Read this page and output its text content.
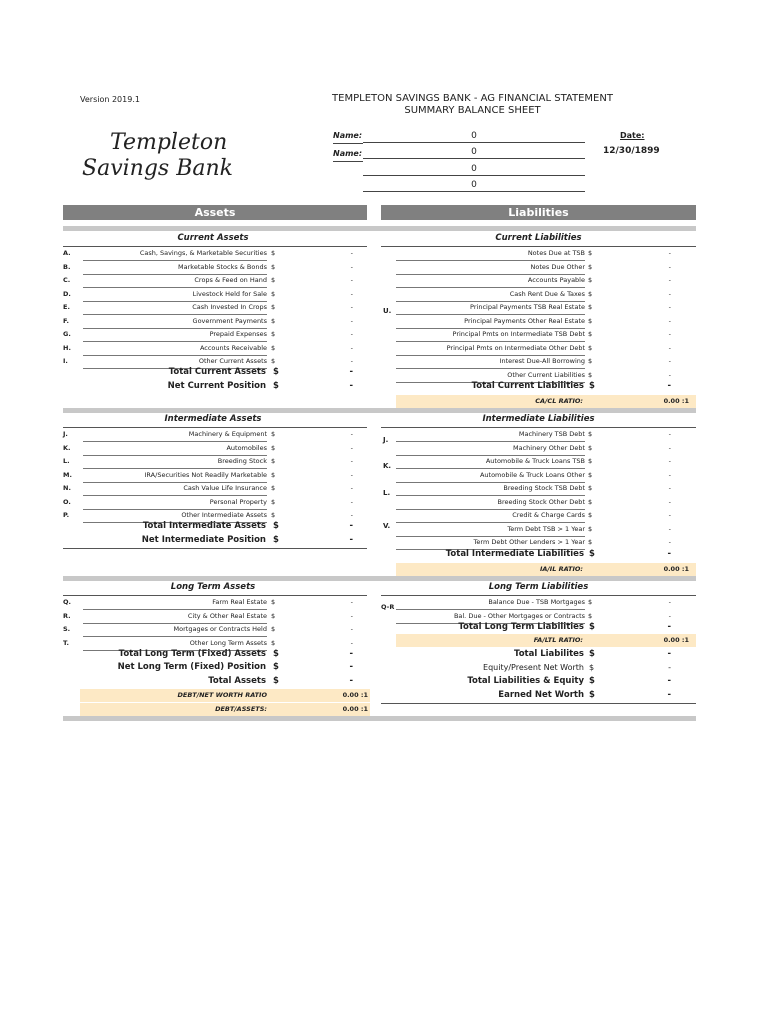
Version 2019.1	TEMPLETON SAVINGS BANK - AG FINANCIAL STATEMENT
SUMMARY BALANCE SHEET
Templeton
Savings Bank
Name:
Name:
0
0
0
0
Date:
12/30/1899
Assets	Liabilities
Current Assets
A.	Cash, Savings, & Marketable Securities $	-
B.	Marketable Stocks & Bonds $	-
C.	Crops & Feed on Hand $	-
D.	Livestock Held for Sale $	-
E.	Cash Invested In Crops $	-
F.	Government Payments $	-
G.	Prepaid Expenses $	-
H.	Accounts Receivable $	-
I.	Other Current Assets $	-
Total Current Assets $	-
Net Current Position $	-
Current Liabilities
U.
Notes Due at TSB $	-
Notes Due Other $	-
Accounts Payable $	-
Cash Rent Due & Taxes $	-
Principal Payments TSB Real Estate $	-
Principal Payments Other Real Estate $	-
Principal Pmts on Intermediate TSB Debt $	-
Principal Pmts on Intermediate Other Debt $	-
Interest Due-All Borrowing $	-
Other Current Liabilities $	-
Total Current Liabilities $	-
CA/CL RATIO:	0.00 :1
Intermediate Assets
J.	Machinery & Equipment $	-
K.	Automobiles $	-
L.	Breeding Stock $	-
M.	IRA/Securities Not Readily Marketable $	-
N.	Cash Value Life Insurance $	-
O.	Personal Property $	-
P.	Other Intermediate Assets $	-
Total Intermediate Assets $	-
Net Intermediate Position $	-
Intermediate Liabilities
J.
K.
L.
V.
Machinery TSB Debt $	-
Machinery Other Debt $	-
Automobile & Truck Loans TSB $	-
Automobile & Truck Loans Other $	-
Breeding Stock TSB Debt $	-
Breeding Stock Other Debt $	-
Credit & Charge Cards $	-
Term Debt TSB > 1 Year $	-
Term Debt Other Lenders > 1 Year $	-
Total Intermediate Liabilities $	-
IA/IL RATIO:	0.00 :1
Long Term Assets
Q.	Farm Real Estate $	-
R.	City & Other Real Estate $	-
S.	Mortgages or Contracts Held $	-
T.	Other Long Term Assets $	-
Total Long Term (Fixed) Assets $	-
Net Long Term (Fixed) Position $	-
Total Assets $	-
DEBT/NET WORTH RATIO	0.00 :1
DEBT/ASSETS:	0.00 :1
Long Term Liabilities
Q-R
Balance Due - TSB Mortgages $	-
Bal. Due - Other Mortgages or Contracts $	-
Total Long Term Liabilities $	-
FA/LTL RATIO:	0.00 :1
Total Liabilites $	-
Equity/Present Net Worth $	-
Total Liabilities & Equity $	-
Earned Net Worth $	-
